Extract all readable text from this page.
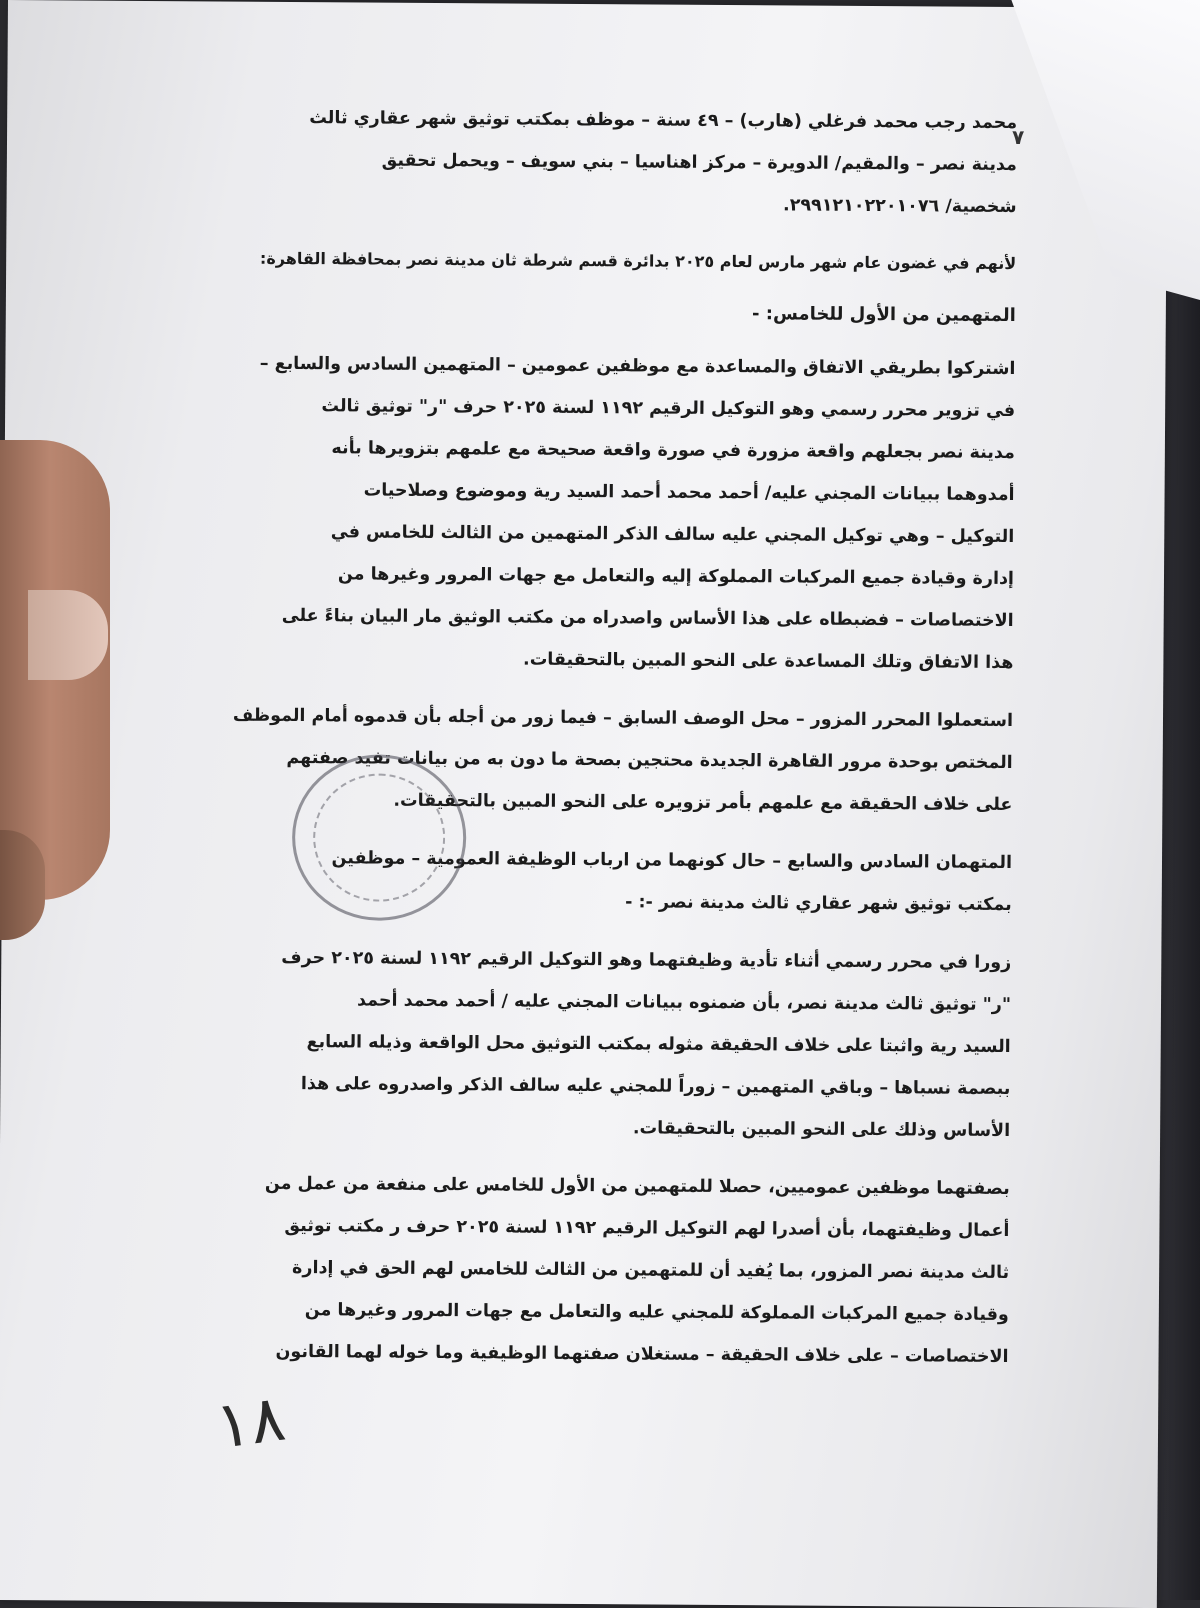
٧
محمد رجب محمد فرغلي (هارب) – ٤٩ سنة – موظف بمكتب توثيق شهر عقاري ثالث
مدينة نصر – والمقيم/ الدويرة – مركز اهناسيا – بني سويف – ويحمل تحقيق
شخصية/ ٢٩٩١٢١٠٢٢٠١٠٧٦.
لأنهم في غضون عام شهر مارس لعام ٢٠٢٥ بدائرة قسم شرطة ثان مدينة نصر بمحافظة القاهرة:
المتهمين من الأول للخامس: -
اشتركوا بطريقي الاتفاق والمساعدة مع موظفين عمومين – المتهمين السادس والسابع –
في تزوير محرر رسمي وهو التوكيل الرقيم ١١٩٢ لسنة ٢٠٢٥ حرف "ر" توثيق ثالث
مدينة نصر بجعلهم واقعة مزورة في صورة واقعة صحيحة مع علمهم بتزويرها بأنه
أمدوهما ببيانات المجني عليه/ أحمد محمد أحمد السيد رية وموضوع وصلاحيات
التوكيل – وهي توكيل المجني عليه سالف الذكر المتهمين من الثالث للخامس في
إدارة وقيادة جميع المركبات المملوكة إليه والتعامل مع جهات المرور وغيرها من
الاختصاصات – فضبطاه على هذا الأساس واصدراه من مكتب الوثيق مار البيان بناءً على
هذا الاتفاق وتلك المساعدة على النحو المبين بالتحقيقات.
استعملوا المحرر المزور – محل الوصف السابق – فيما زور من أجله بأن قدموه أمام الموظف
المختص بوحدة مرور القاهرة الجديدة محتجين بصحة ما دون به من بيانات تفيد صفتهم
على خلاف الحقيقة مع علمهم بأمر تزويره على النحو المبين بالتحقيقات.
المتهمان السادس والسابع – حال كونهما من ارباب الوظيفة العمومية – موظفين
بمكتب توثيق شهر عقاري ثالث مدينة نصر -: -
زورا في محرر رسمي أثناء تأدية وظيفتهما وهو التوكيل الرقيم ١١٩٢ لسنة ٢٠٢٥ حرف
"ر" توثيق ثالث مدينة نصر، بأن ضمنوه ببيانات المجني عليه / أحمد محمد أحمد
السيد رية واثبتا على خلاف الحقيقة مثوله بمكتب التوثيق محل الواقعة وذيله السابع
ببصمة نسباها – وباقي المتهمين – زوراً للمجني عليه سالف الذكر واصدروه على هذا
الأساس وذلك على النحو المبين بالتحقيقات.
بصفتهما موظفين عموميين، حصلا للمتهمين من الأول للخامس على منفعة من عمل من
أعمال وظيفتهما، بأن أصدرا لهم التوكيل الرقيم ١١٩٢ لسنة ٢٠٢٥ حرف ر مكتب توثيق
ثالث مدينة نصر المزور، بما يُفيد أن للمتهمين من الثالث للخامس لهم الحق في إدارة
وقيادة جميع المركبات المملوكة للمجني عليه والتعامل مع جهات المرور وغيرها من
الاختصاصات – على خلاف الحقيقة – مستغلان صفتهما الوظيفية وما خوله لهما القانون
١٨
